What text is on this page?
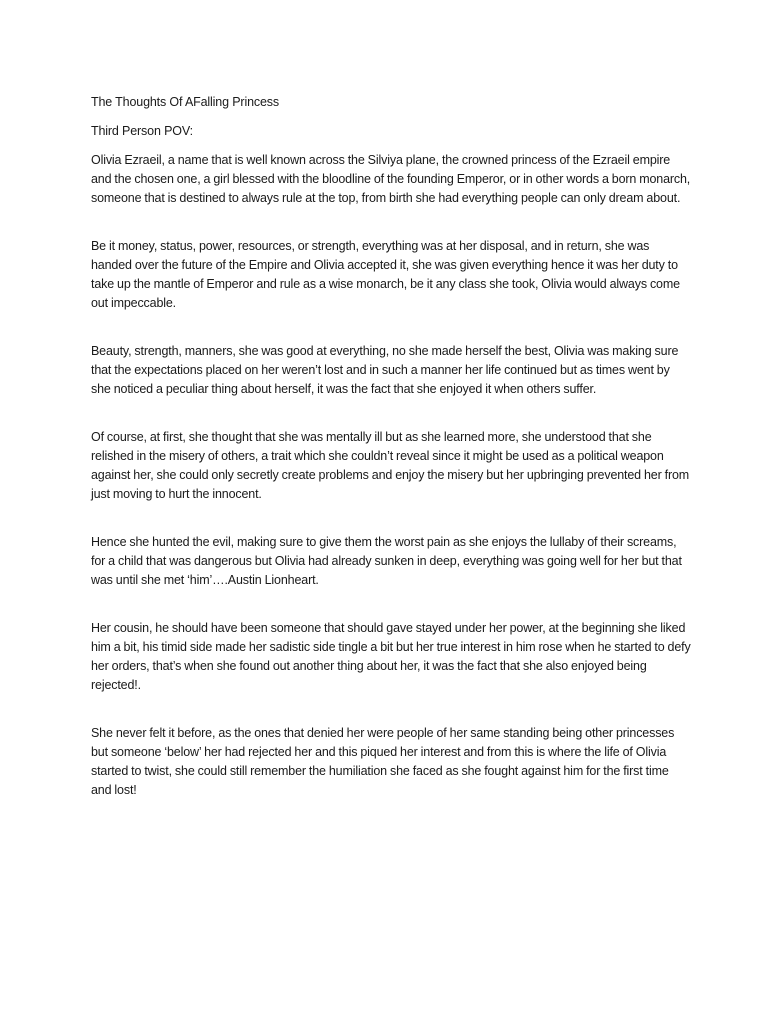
The Thoughts Of AFalling Princess

Third Person POV:

Olivia Ezraeil, a name that is well known across the Silviya plane, the crowned princess of the Ezraeil empire and the chosen one, a girl blessed with the bloodline of the founding Emperor, or in other words a born monarch, someone that is destined to always rule at the top, from birth she had everything people can only dream about.

Be it money, status, power, resources, or strength, everything was at her disposal, and in return, she was handed over the future of the Empire and Olivia accepted it, she was given everything hence it was her duty to take up the mantle of Emperor and rule as a wise monarch, be it any class she took, Olivia would always come out impeccable.

Beauty, strength, manners, she was good at everything, no she made herself the best, Olivia was making sure that the expectations placed on her weren’t lost and in such a manner her life continued but as times went by she noticed a peculiar thing about herself, it was the fact that she enjoyed it when others suffer.

Of course, at first, she thought that she was mentally ill but as she learned more, she understood that she relished in the misery of others, a trait which she couldn’t reveal since it might be used as a political weapon against her, she could only secretly create problems and enjoy the misery but her upbringing prevented her from just moving to hurt the innocent.

Hence she hunted the evil, making sure to give them the worst pain as she enjoys the lullaby of their screams, for a child that was dangerous but Olivia had already sunken in deep, everything was going well for her but that was until she met ‘him’….Austin Lionheart.

Her cousin, he should have been someone that should gave stayed under her power, at the beginning she liked him a bit, his timid side made her sadistic side tingle a bit but her true interest in him rose when he started to defy her orders, that’s when she found out another thing about her, it was the fact that she also enjoyed being rejected!.

She never felt it before, as the ones that denied her were people of her same standing being other princesses but someone ‘below’ her had rejected her and this piqued her interest and from this is where the life of Olivia started to twist, she could still remember the humiliation she faced as she fought against him for the first time and lost!
